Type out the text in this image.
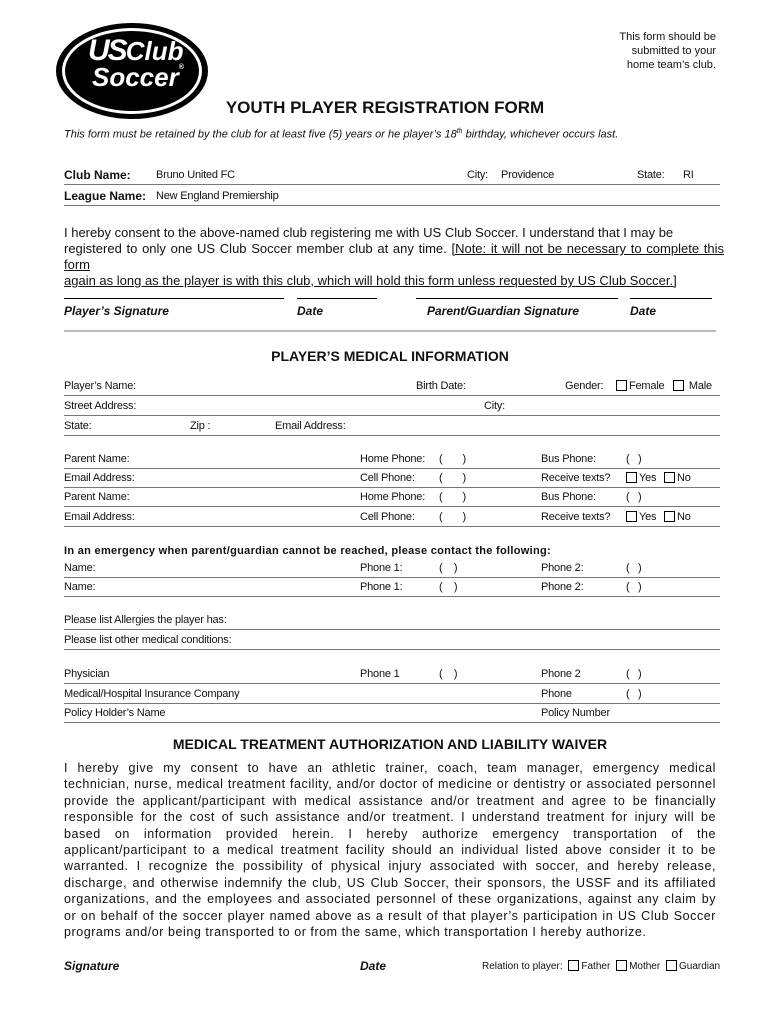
USClub
Soccer®
This form should be
submitted to your
home team’s club.
YOUTH PLAYER REGISTRATION FORM
This form must be retained by the club for at least five (5) years or he player’s 18th birthday, whichever occurs last.
Club Name: Bruno United FC	City: Providence	State: RI
League Name: New England Premiership
I hereby consent to the above-named club registering me with US Club Soccer. I understand that I may be
registered to only one US Club Soccer member club at any time. [Note: it will not be necessary to complete this form
again as long as the player is with this club, which will hold this form unless requested by US Club Soccer.]
Player’s Signature	Date	Parent/Guardian Signature	Date
PLAYER’S MEDICAL INFORMATION
Player’s Name:	Birth Date:	Gender:	Female	Male
Street Address:	City:
State:	Zip :	Email Address:
Parent Name:	Home Phone: (       )	Bus Phone:	(   )
Email Address:	Cell Phone: (       )	Receive texts?	Yes	No
Parent Name:	Home Phone: (       )	Bus Phone:	(   )
Email Address:	Cell Phone: (       )	Receive texts?	Yes	No
In an emergency when parent/guardian cannot be reached, please contact the following:
Name:	Phone 1:	(    )	Phone 2:	(   )
Name:	Phone 1:	(    )	Phone 2:	(   )
Please list Allergies the player has:
Please list other medical conditions:
Physician	Phone 1	(    )	Phone 2	(   )
Medical/Hospital Insurance Company	Phone	(   )
Policy Holder’s Name	Policy Number
MEDICAL TREATMENT AUTHORIZATION AND LIABILITY WAIVER
I hereby give my consent to have an athletic trainer, coach, team manager, emergency medical
technician, nurse, medical treatment facility, and/or doctor of medicine or dentistry or associated personnel
provide the applicant/participant with medical assistance and/or treatment and agree to be financially
responsible for the cost of such assistance and/or treatment. I understand treatment for injury will be
based on information provided herein. I hereby authorize emergency transportation of the
applicant/participant to a medical treatment facility should an individual listed above consider it to be
warranted. I recognize the possibility of physical injury associated with soccer, and hereby release,
discharge, and otherwise indemnify the club, US Club Soccer, their sponsors, the USSF and its affiliated
organizations, and the employees and associated personnel of these organizations, against any claim by
or on behalf of the soccer player named above as a result of that player’s participation in US Club Soccer
programs and/or being transported to or from the same, which transportation I hereby authorize.
Signature	Date	Relation to player: Father Mother Guardian
